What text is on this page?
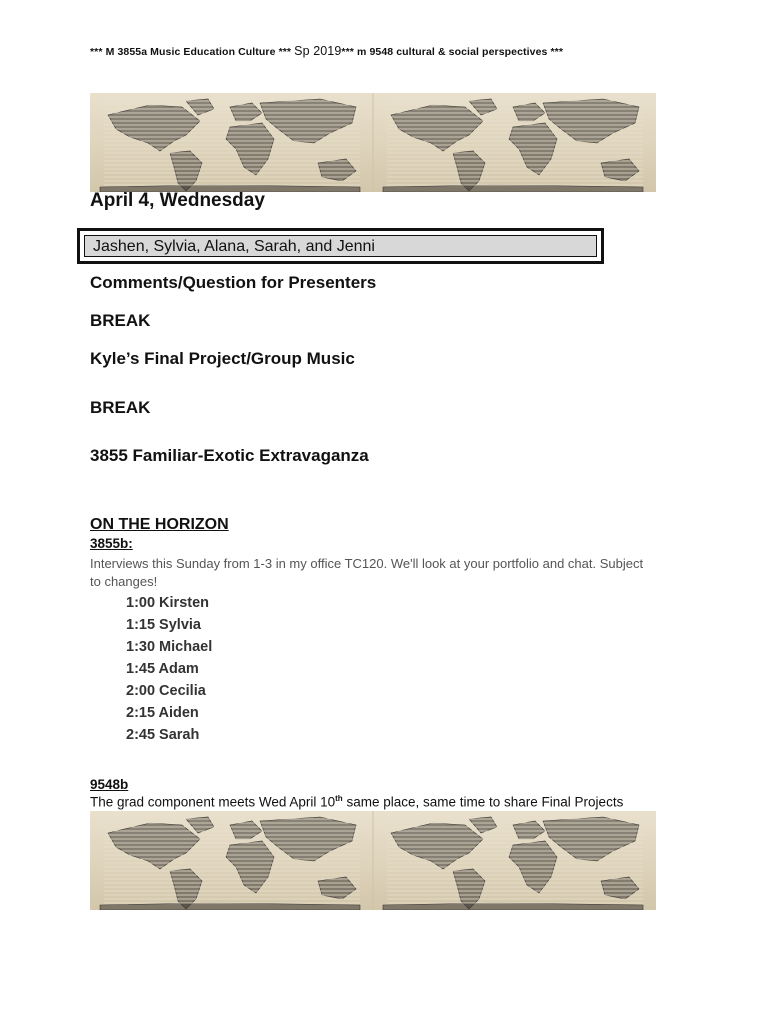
*** M 3855a Music Education Culture *** Sp 2019*** m 9548 cultural & social perspectives ***
April 4, Wednesday
Jashen, Sylvia, Alana, Sarah, and Jenni
Comments/Question for Presenters
BREAK
Kyle’s Final Project/Group Music
BREAK
3855 Familiar-Exotic Extravaganza
ON THE HORIZON
3855b:
Interviews this Sunday from 1-3 in my office TC120. We'll look at your portfolio and chat. Subject to changes!
1:00 Kirsten
1:15 Sylvia
1:30 Michael
1:45 Adam
2:00 Cecilia
2:15 Aiden
2:45 Sarah
9548b
The grad component meets Wed April 10th same place, same time to share Final Projects
